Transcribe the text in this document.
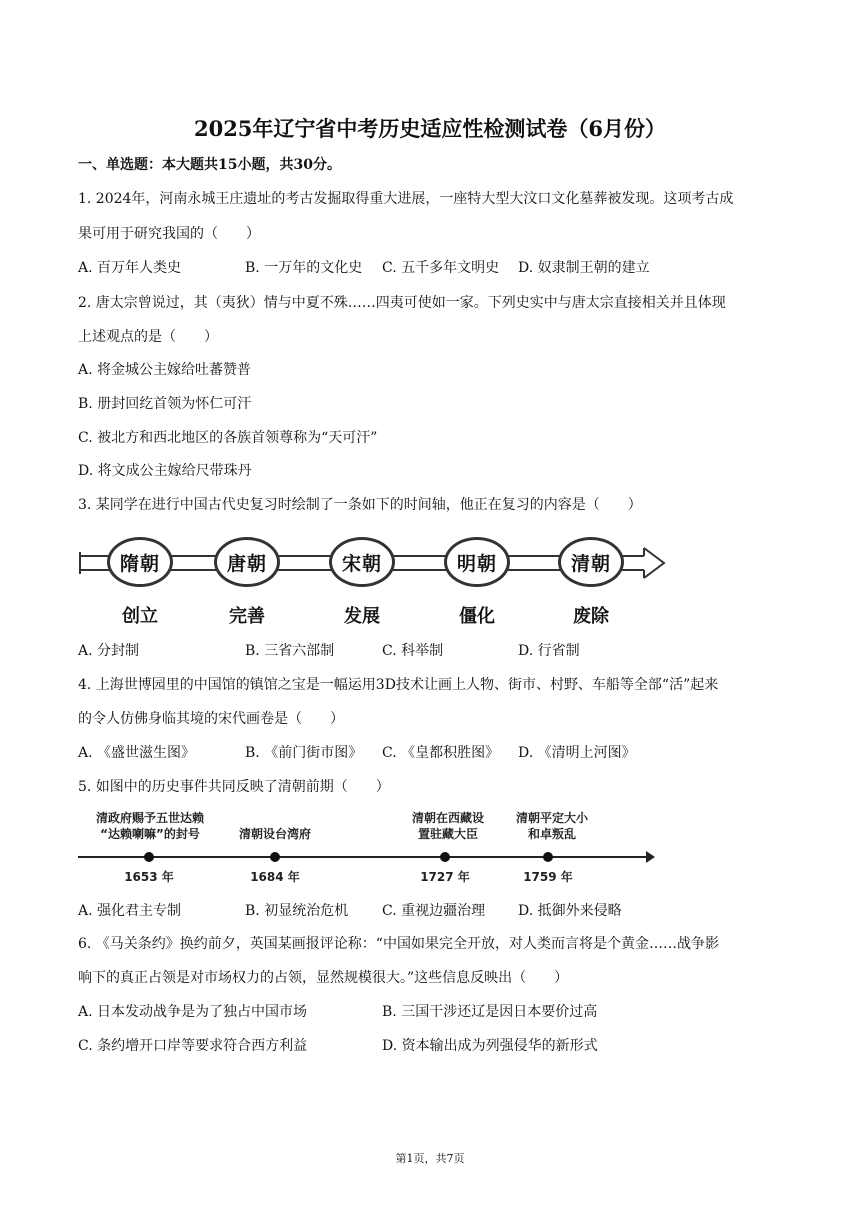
2025年辽宁省中考历史适应性检测试卷（6月份）
一、单选题：本大题共15小题，共30分。
1. 2024年，河南永城王庄遗址的考古发掘取得重大进展，一座特大型大汶口文化墓葬被发现。这项考古成
果可用于研究我国的（　　）
A. 百万年人类史	B. 一万年的文化史 C. 五千多年文明史 D. 奴隶制王朝的建立
2. 唐太宗曾说过，其（夷狄）情与中夏不殊……四夷可使如一家。下列史实中与唐太宗直接相关并且体现
上述观点的是（　　）
A. 将金城公主嫁给吐蕃赞普
B. 册封回纥首领为怀仁可汗
C. 被北方和西北地区的各族首领尊称为“天可汗”
D. 将文成公主嫁给尺带珠丹
3. 某同学在进行中国古代史复习时绘制了一条如下的时间轴，他正在复习的内容是（　　）
隋朝	唐朝	宋朝	明朝	清朝
创立	完善	发展	僵化	废除
A. 分封制	B. 三省六部制	C. 科举制	D. 行省制
4. 上海世博园里的中国馆的镇馆之宝是一幅运用3D技术让画上人物、街市、村野、车船等全部“活”起来
的令人仿佛身临其境的宋代画卷是（　　）
A. 《盛世滋生图》	B. 《前门街市图》 C. 《皇都积胜图》 D. 《清明上河图》
5. 如图中的历史事件共同反映了清朝前期（　　）
清政府赐予五世达赖
“达赖喇嘛”的封号	清朝设台湾府
清朝在西藏设
置驻藏大臣
清朝平定大小
和卓叛乱
1653 年	1684 年	1727 年	1759 年
A. 强化君主专制	B. 初显统治危机 C. 重视边疆治理 D. 抵御外来侵略
6. 《马关条约》换约前夕，英国某画报评论称：“中国如果完全开放，对人类而言将是个黄金……战争影
响下的真正占领是对市场权力的占领，显然规模很大。”这些信息反映出（　　）
A. 日本发动战争是为了独占中国市场	B. 三国干涉还辽是因日本要价过高
C. 条约增开口岸等要求符合西方利益	D. 资本输出成为列强侵华的新形式
第1页，共7页
